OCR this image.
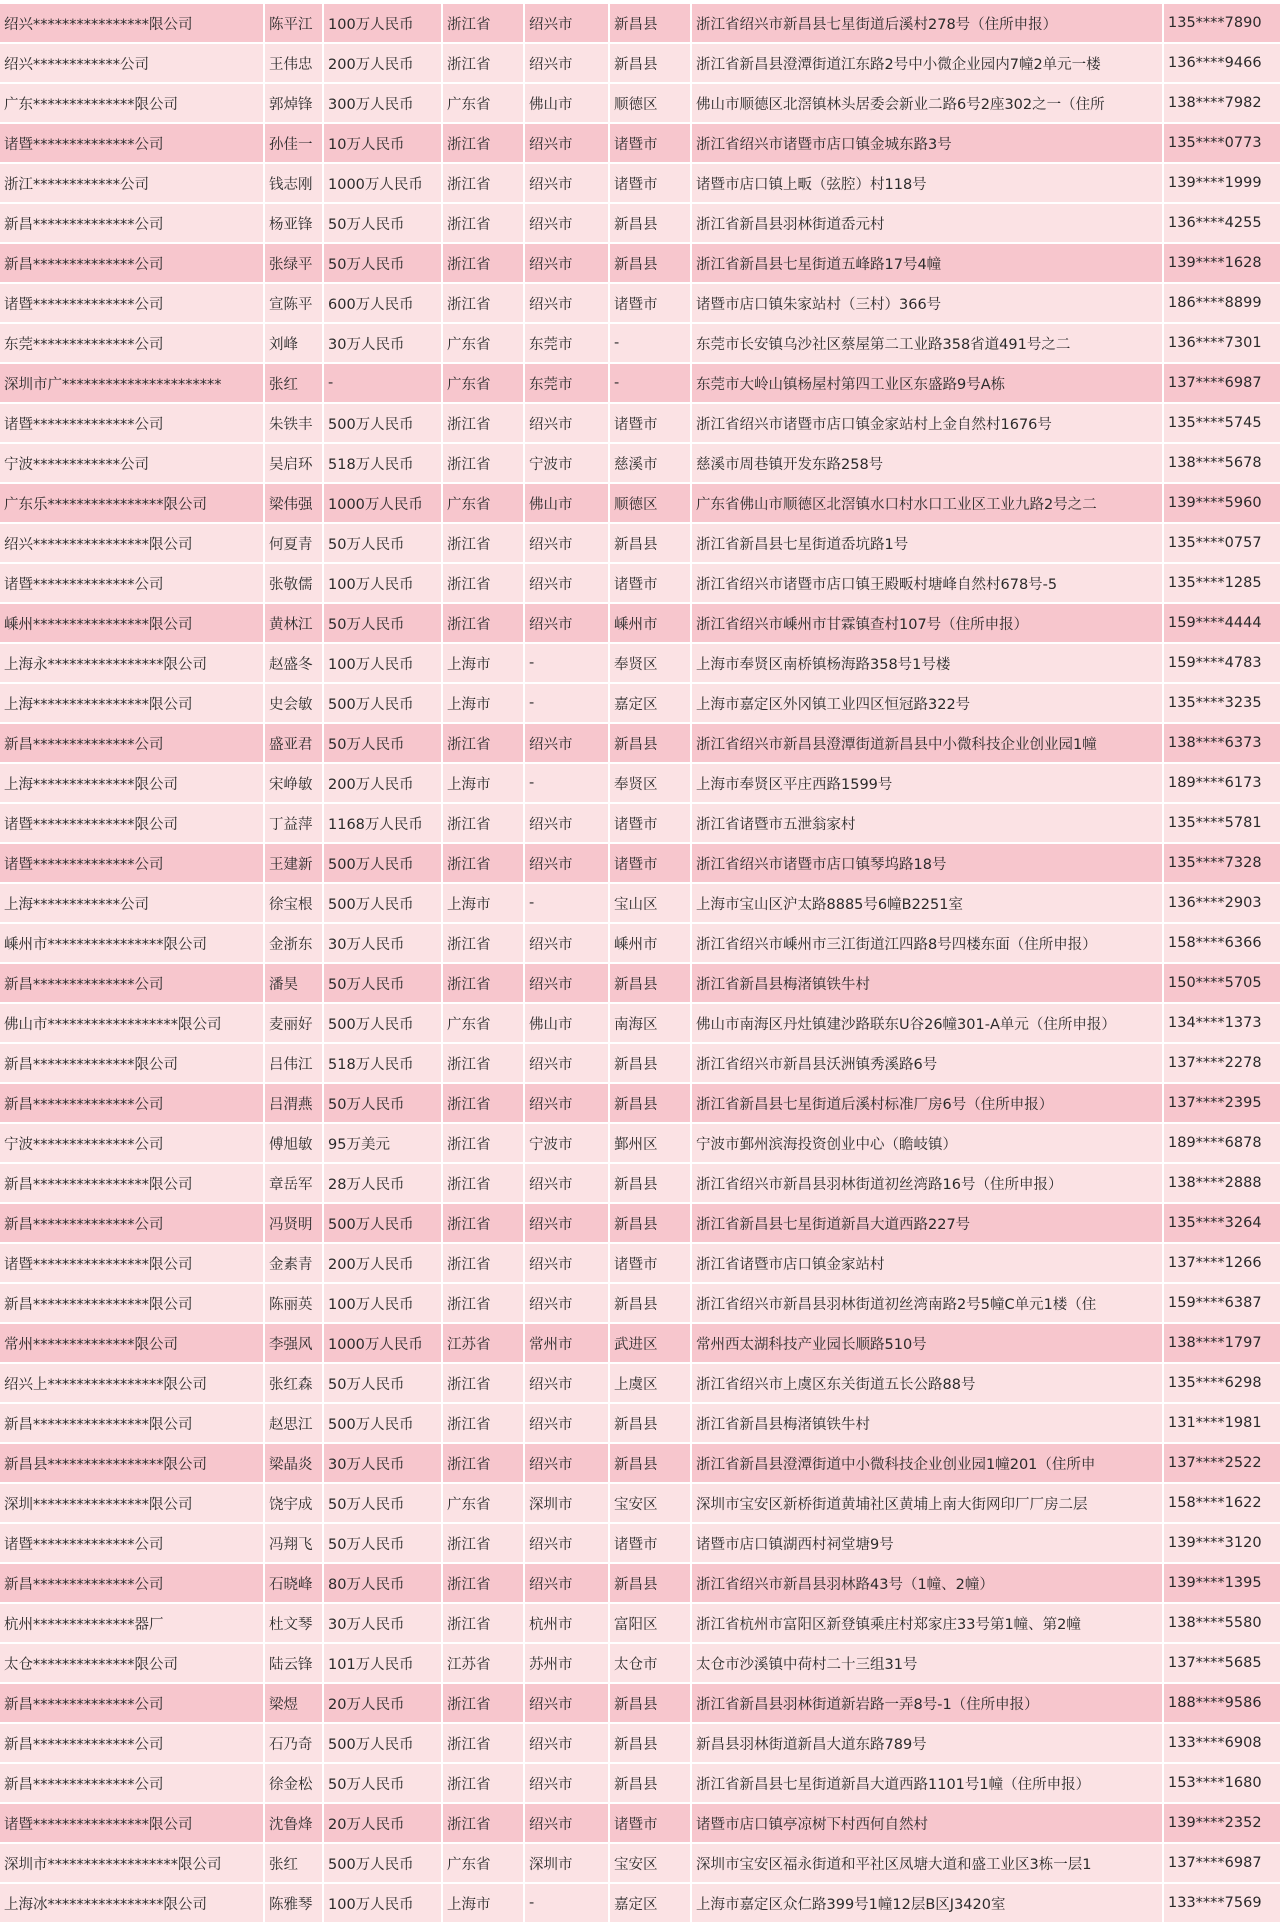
绍兴****************限公司	陈平江	100万人民币	浙江省	绍兴市	新昌县	浙江省绍兴市新昌县七星街道后溪村278号（住所申报）	135****7890
绍兴************公司	王伟忠	200万人民币	浙江省	绍兴市	新昌县	浙江省新昌县澄潭街道江东路2号中小微企业园内7幢2单元一楼	136****9466
广东**************限公司	郭焯锋	300万人民币	广东省	佛山市	顺德区	佛山市顺德区北滘镇林头居委会新业二路6号2座302之一（住所	138****7982
诸暨**************公司	孙佳一	10万人民币	浙江省	绍兴市	诸暨市	浙江省绍兴市诸暨市店口镇金城东路3号	135****0773
浙江************公司	钱志刚	1000万人民币	浙江省	绍兴市	诸暨市	诸暨市店口镇上畈（弦腔）村118号	139****1999
新昌**************公司	杨亚锋	50万人民币	浙江省	绍兴市	新昌县	浙江省新昌县羽林街道岙元村	136****4255
新昌**************公司	张绿平	50万人民币	浙江省	绍兴市	新昌县	浙江省新昌县七星街道五峰路17号4幢	139****1628
诸暨**************公司	宣陈平	600万人民币	浙江省	绍兴市	诸暨市	诸暨市店口镇朱家站村（三村）366号	186****8899
东莞**************公司	刘峰	30万人民币	广东省	东莞市	-	东莞市长安镇乌沙社区蔡屋第二工业路358省道491号之二	136****7301
深圳市广**********************	张红	-	广东省	东莞市	-	东莞市大岭山镇杨屋村第四工业区东盛路9号A栋	137****6987
诸暨**************公司	朱铁丰	500万人民币	浙江省	绍兴市	诸暨市	浙江省绍兴市诸暨市店口镇金家站村上金自然村1676号	135****5745
宁波************公司	吴启环	518万人民币	浙江省	宁波市	慈溪市	慈溪市周巷镇开发东路258号	138****5678
广东乐****************限公司	梁伟强	1000万人民币	广东省	佛山市	顺德区	广东省佛山市顺德区北滘镇水口村水口工业区工业九路2号之二	139****5960
绍兴****************限公司	何夏青	50万人民币	浙江省	绍兴市	新昌县	浙江省新昌县七星街道岙坑路1号	135****0757
诸暨**************公司	张敬儒	100万人民币	浙江省	绍兴市	诸暨市	浙江省绍兴市诸暨市店口镇王殿畈村塘峰自然村678号-5	135****1285
嵊州****************限公司	黄林江	50万人民币	浙江省	绍兴市	嵊州市	浙江省绍兴市嵊州市甘霖镇查村107号（住所申报）	159****4444
上海永****************限公司	赵盛冬	100万人民币	上海市	-	奉贤区	上海市奉贤区南桥镇杨海路358号1号楼	159****4783
上海****************限公司	史会敏	500万人民币	上海市	-	嘉定区	上海市嘉定区外冈镇工业四区恒冠路322号	135****3235
新昌**************公司	盛亚君	50万人民币	浙江省	绍兴市	新昌县	浙江省绍兴市新昌县澄潭街道新昌县中小微科技企业创业园1幢	138****6373
上海**************限公司	宋峥敏	200万人民币	上海市	-	奉贤区	上海市奉贤区平庄西路1599号	189****6173
诸暨**************限公司	丁益萍	1168万人民币	浙江省	绍兴市	诸暨市	浙江省诸暨市五泄翁家村	135****5781
诸暨**************公司	王建新	500万人民币	浙江省	绍兴市	诸暨市	浙江省绍兴市诸暨市店口镇琴坞路18号	135****7328
上海************公司	徐宝根	500万人民币	上海市	-	宝山区	上海市宝山区沪太路8885号6幢B2251室	136****2903
嵊州市****************限公司	金浙东	30万人民币	浙江省	绍兴市	嵊州市	浙江省绍兴市嵊州市三江街道江四路8号四楼东面（住所申报）	158****6366
新昌**************公司	潘昊	50万人民币	浙江省	绍兴市	新昌县	浙江省新昌县梅渚镇铁牛村	150****5705
佛山市******************限公司	麦丽好	500万人民币	广东省	佛山市	南海区	佛山市南海区丹灶镇建沙路联东U谷26幢301-A单元（住所申报）	134****1373
新昌**************限公司	吕伟江	518万人民币	浙江省	绍兴市	新昌县	浙江省绍兴市新昌县沃洲镇秀溪路6号	137****2278
新昌**************公司	吕渭燕	50万人民币	浙江省	绍兴市	新昌县	浙江省新昌县七星街道后溪村标准厂房6号（住所申报）	137****2395
宁波**************公司	傅旭敏	95万美元	浙江省	宁波市	鄞州区	宁波市鄞州滨海投资创业中心（瞻岐镇）	189****6878
新昌****************限公司	章岳军	28万人民币	浙江省	绍兴市	新昌县	浙江省绍兴市新昌县羽林街道初丝湾路16号（住所申报）	138****2888
新昌**************公司	冯贤明	500万人民币	浙江省	绍兴市	新昌县	浙江省新昌县七星街道新昌大道西路227号	135****3264
诸暨****************限公司	金素青	200万人民币	浙江省	绍兴市	诸暨市	浙江省诸暨市店口镇金家站村	137****1266
新昌****************限公司	陈丽英	100万人民币	浙江省	绍兴市	新昌县	浙江省绍兴市新昌县羽林街道初丝湾南路2号5幢C单元1楼（住	159****6387
常州**************限公司	李强风	1000万人民币	江苏省	常州市	武进区	常州西太湖科技产业园长顺路510号	138****1797
绍兴上****************限公司	张红森	50万人民币	浙江省	绍兴市	上虞区	浙江省绍兴市上虞区东关街道五长公路88号	135****6298
新昌****************限公司	赵思江	500万人民币	浙江省	绍兴市	新昌县	浙江省新昌县梅渚镇铁牛村	131****1981
新昌县****************限公司	梁晶炎	30万人民币	浙江省	绍兴市	新昌县	浙江省新昌县澄潭街道中小微科技企业创业园1幢201（住所申	137****2522
深圳****************限公司	饶宇成	50万人民币	广东省	深圳市	宝安区	深圳市宝安区新桥街道黄埔社区黄埔上南大街网印厂厂房二层	158****1622
诸暨**************公司	冯翔飞	50万人民币	浙江省	绍兴市	诸暨市	诸暨市店口镇湖西村祠堂塘9号	139****3120
新昌**************公司	石晓峰	80万人民币	浙江省	绍兴市	新昌县	浙江省绍兴市新昌县羽林路43号（1幢、2幢）	139****1395
杭州**************器厂	杜文琴	30万人民币	浙江省	杭州市	富阳区	浙江省杭州市富阳区新登镇乘庄村郑家庄33号第1幢、第2幢	138****5580
太仓**************限公司	陆云锋	101万人民币	江苏省	苏州市	太仓市	太仓市沙溪镇中荷村二十三组31号	137****5685
新昌**************公司	梁煜	20万人民币	浙江省	绍兴市	新昌县	浙江省新昌县羽林街道新岩路一弄8号-1（住所申报）	188****9586
新昌**************公司	石乃奇	500万人民币	浙江省	绍兴市	新昌县	新昌县羽林街道新昌大道东路789号	133****6908
新昌**************公司	徐金松	50万人民币	浙江省	绍兴市	新昌县	浙江省新昌县七星街道新昌大道西路1101号1幢（住所申报）	153****1680
诸暨****************限公司	沈鲁烽	20万人民币	浙江省	绍兴市	诸暨市	诸暨市店口镇亭凉树下村西何自然村	139****2352
深圳市******************限公司	张红	500万人民币	广东省	深圳市	宝安区	深圳市宝安区福永街道和平社区凤塘大道和盛工业区3栋一层1	137****6987
上海冰****************限公司	陈雅琴	100万人民币	上海市	-	嘉定区	上海市嘉定区众仁路399号1幢12层B区J3420室	133****7569
